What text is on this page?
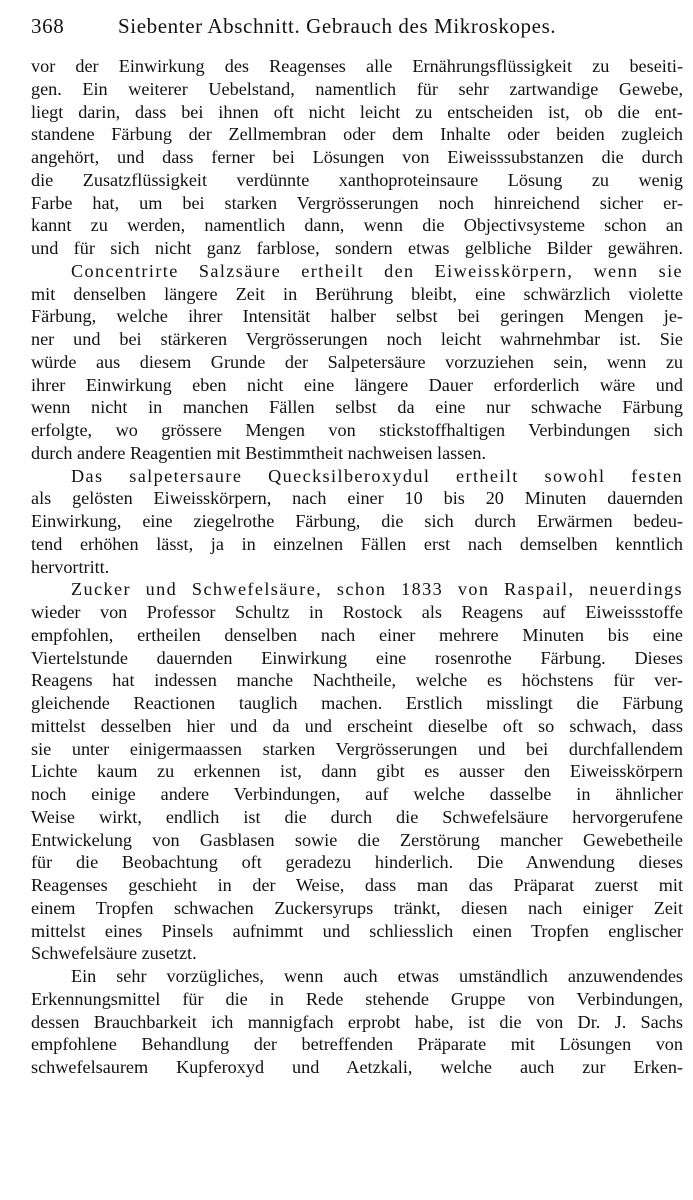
368	Siebenter Abschnitt. Gebrauch des Mikroskopes.
vor der Einwirkung des Reagenses alle Ernährungsflüssigkeit zu beseiti-
gen. Ein weiterer Uebelstand, namentlich für sehr zartwandige Gewebe,
liegt darin, dass bei ihnen oft nicht leicht zu entscheiden ist, ob die ent-
standene Färbung der Zellmembran oder dem Inhalte oder beiden zugleich
angehört, und dass ferner bei Lösungen von Eiweisssubstanzen die durch
die Zusatzflüssigkeit verdünnte xanthoproteinsaure Lösung zu wenig
Farbe hat, um bei starken Vergrösserungen noch hinreichend sicher er-
kannt zu werden, namentlich dann, wenn die Objectivsysteme schon an
und für sich nicht ganz farblose, sondern etwas gelbliche Bilder gewähren.
Concentrirte Salzsäure ertheilt den Eiweisskörpern, wenn sie
mit denselben längere Zeit in Berührung bleibt, eine schwärzlich violette
Färbung, welche ihrer Intensität halber selbst bei geringen Mengen je-
ner und bei stärkeren Vergrösserungen noch leicht wahrnehmbar ist. Sie
würde aus diesem Grunde der Salpetersäure vorzuziehen sein, wenn zu
ihrer Einwirkung eben nicht eine längere Dauer erforderlich wäre und
wenn nicht in manchen Fällen selbst da eine nur schwache Färbung
erfolgte, wo grössere Mengen von stickstoffhaltigen Verbindungen sich
durch andere Reagentien mit Bestimmtheit nachweisen lassen.
Das salpetersaure Quecksilberoxydul ertheilt sowohl festen
als gelösten Eiweisskörpern, nach einer 10 bis 20 Minuten dauernden
Einwirkung, eine ziegelrothe Färbung, die sich durch Erwärmen bedeu-
tend erhöhen lässt, ja in einzelnen Fällen erst nach demselben kenntlich
hervortritt.
Zucker und Schwefelsäure, schon 1833 von Raspail, neuerdings
wieder von Professor Schultz in Rostock als Reagens auf Eiweissstoffe
empfohlen, ertheilen denselben nach einer mehrere Minuten bis eine
Viertelstunde dauernden Einwirkung eine rosenrothe Färbung. Dieses
Reagens hat indessen manche Nachtheile, welche es höchstens für ver-
gleichende Reactionen tauglich machen. Erstlich misslingt die Färbung
mittelst desselben hier und da und erscheint dieselbe oft so schwach, dass
sie unter einigermaassen starken Vergrösserungen und bei durchfallendem
Lichte kaum zu erkennen ist, dann gibt es ausser den Eiweisskörpern
noch einige andere Verbindungen, auf welche dasselbe in ähnlicher
Weise wirkt, endlich ist die durch die Schwefelsäure hervorgerufene
Entwickelung von Gasblasen sowie die Zerstörung mancher Gewebetheile
für die Beobachtung oft geradezu hinderlich. Die Anwendung dieses
Reagenses geschieht in der Weise, dass man das Präparat zuerst mit
einem Tropfen schwachen Zuckersyrups tränkt, diesen nach einiger Zeit
mittelst eines Pinsels aufnimmt und schliesslich einen Tropfen englischer
Schwefelsäure zusetzt.
Ein sehr vorzügliches, wenn auch etwas umständlich anzuwendendes
Erkennungsmittel für die in Rede stehende Gruppe von Verbindungen,
dessen Brauchbarkeit ich mannigfach erprobt habe, ist die von Dr. J. Sachs
empfohlene Behandlung der betreffenden Präparate mit Lösungen von
schwefelsaurem Kupferoxyd und Aetzkali, welche auch zur Erken-
